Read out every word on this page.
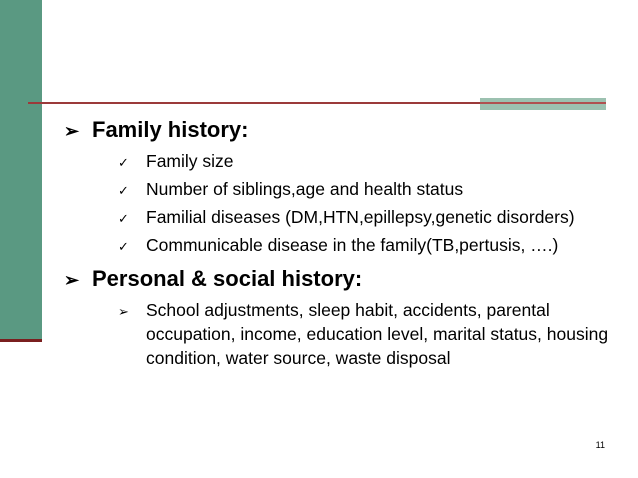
➢ Family history:
✓ Family size
✓ Number of siblings,age and health status
✓ Familial diseases (DM,HTN,epillepsy,genetic disorders)
✓ Communicable disease in the family(TB,pertusis, ….)
➢ Personal & social history:
➢ School adjustments, sleep habit, accidents, parental occupation, income, education level, marital status, housing condition, water source, waste disposal
11
